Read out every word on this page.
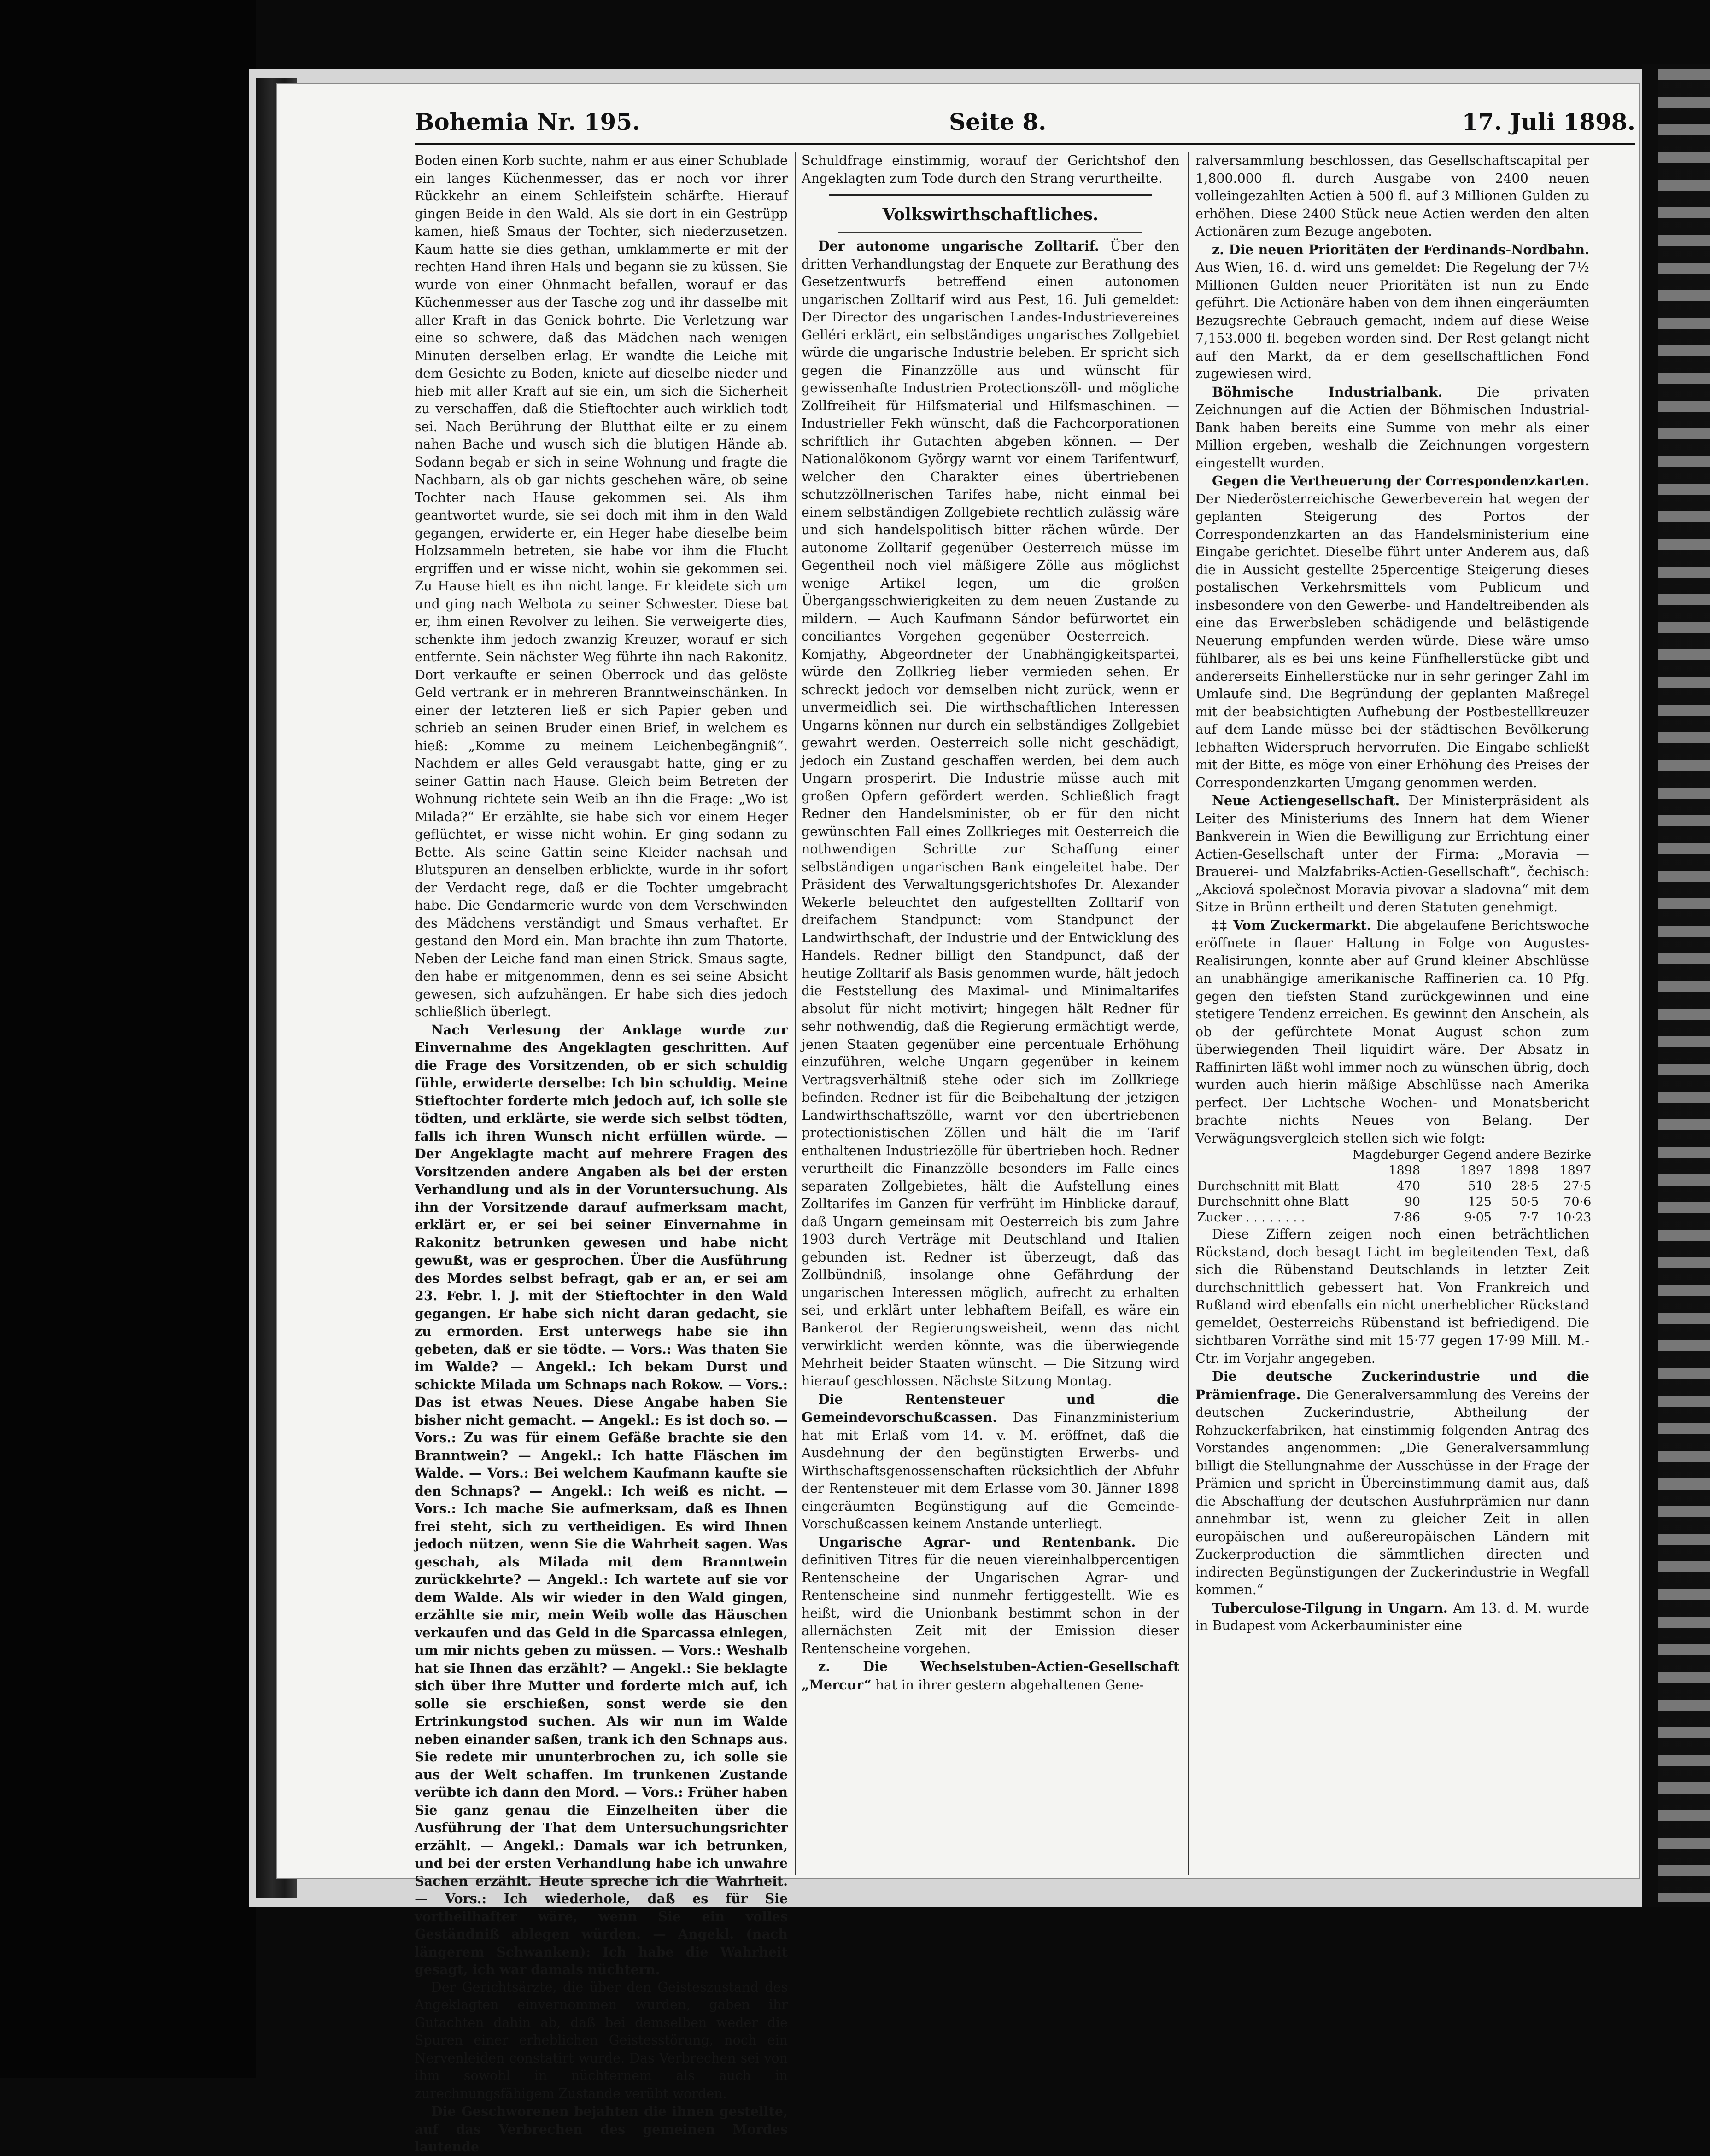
Bohemia Nr. 195.	Seite 8.	17. Juli 1898.

Boden einen Korb suchte, nahm er aus einer Schublade ein langes Küchenmesser, das er noch vor ihrer Rückkehr an einem Schleifstein schärfte. Hierauf gingen Beide in den Wald. Als sie dort in ein Gestrüpp kamen, hieß Smaus der Tochter, sich niederzusetzen. Kaum hatte sie dies gethan, umklammerte er mit der rechten Hand ihren Hals und begann sie zu küssen. Sie wurde von einer Ohnmacht befallen, worauf er das Küchenmesser aus der Tasche zog und ihr dasselbe mit aller Kraft in das Genick bohrte. Die Verletzung war eine so schwere, daß das Mädchen nach wenigen Minuten derselben erlag. Er wandte die Leiche mit dem Gesichte zu Boden, kniete auf dieselbe nieder und hieb mit aller Kraft auf sie ein, um sich die Sicherheit zu verschaffen, daß die Stieftochter auch wirklich todt sei. Nach Berührung der Blutthat eilte er zu einem nahen Bache und wusch sich die blutigen Hände ab. Sodann begab er sich in seine Wohnung und fragte die Nachbarn, als ob gar nichts geschehen wäre, ob seine Tochter nach Hause gekommen sei. Als ihm geantwortet wurde, sie sei doch mit ihm in den Wald gegangen, erwiderte er, ein Heger habe dieselbe beim Holzsammeln betreten, sie habe vor ihm die Flucht ergriffen und er wisse nicht, wohin sie gekommen sei. Zu Hause hielt es ihn nicht lange. Er kleidete sich um und ging nach Welbota zu seiner Schwester. Diese bat er, ihm einen Revolver zu leihen. Sie verweigerte dies, schenkte ihm jedoch zwanzig Kreuzer, worauf er sich entfernte. Sein nächster Weg führte ihn nach Rakonitz. Dort verkaufte er seinen Oberrock und das gelöste Geld vertrank er in mehreren Branntweinschänken. In einer der letzteren ließ er sich Papier geben und schrieb an seinen Bruder einen Brief, in welchem es hieß: „Komme zu meinem Leichenbegängniß“. Nachdem er alles Geld verausgabt hatte, ging er zu seiner Gattin nach Hause. Gleich beim Betreten der Wohnung richtete sein Weib an ihn die Frage: „Wo ist Milada?“ Er erzählte, sie habe sich vor einem Heger geflüchtet, er wisse nicht wohin. Er ging sodann zu Bette. Als seine Gattin seine Kleider nachsah und Blutspuren an denselben erblickte, wurde in ihr sofort der Verdacht rege, daß er die Tochter umgebracht habe. Die Gendarmerie wurde von dem Verschwinden des Mädchens verständigt und Smaus verhaftet. Er gestand den Mord ein. Man brachte ihn zum Thatorte. Neben der Leiche fand man einen Strick. Smaus sagte, den habe er mitgenommen, denn es sei seine Absicht gewesen, sich aufzuhängen. Er habe sich dies jedoch schließlich überlegt.

Nach Verlesung der Anklage wurde zur Einvernahme des Angeklagten geschritten. Auf die Frage des Vorsitzenden, ob er sich schuldig fühle, erwiderte derselbe: Ich bin schuldig. Meine Stieftochter forderte mich jedoch auf, ich solle sie tödten, und erklärte, sie werde sich selbst tödten, falls ich ihren Wunsch nicht erfüllen würde. — Der Angeklagte macht auf mehrere Fragen des Vorsitzenden andere Angaben als bei der ersten Verhandlung und als in der Voruntersuchung. Als ihn der Vorsitzende darauf aufmerksam macht, erklärt er, er sei bei seiner Einvernahme in Rakonitz betrunken gewesen und habe nicht gewußt, was er gesprochen. Über die Ausführung des Mordes selbst befragt, gab er an, er sei am 23. Febr. l. J. mit der Stieftochter in den Wald gegangen. Er habe sich nicht daran gedacht, sie zu ermorden. Erst unterwegs habe sie ihn gebeten, daß er sie tödte. — Vors.: Was thaten Sie im Walde? — Angekl.: Ich bekam Durst und schickte Milada um Schnaps nach Rokow. — Vors.: Das ist etwas Neues. Diese Angabe haben Sie bisher nicht gemacht. — Angekl.: Es ist doch so. — Vors.: Zu was für einem Gefäße brachte sie den Branntwein? — Angekl.: Ich hatte Fläschen im Walde. — Vors.: Bei welchem Kaufmann kaufte sie den Schnaps? — Angekl.: Ich weiß es nicht. — Vors.: Ich mache Sie aufmerksam, daß es Ihnen frei steht, sich zu vertheidigen. Es wird Ihnen jedoch nützen, wenn Sie die Wahrheit sagen. Was geschah, als Milada mit dem Branntwein zurückkehrte? — Angekl.: Ich wartete auf sie vor dem Walde. Als wir wieder in den Wald gingen, erzählte sie mir, mein Weib wolle das Häuschen verkaufen und das Geld in die Sparcassa einlegen, um mir nichts geben zu müssen. — Vors.: Weshalb hat sie Ihnen das erzählt? — Angekl.: Sie beklagte sich über ihre Mutter und forderte mich auf, ich solle sie erschießen, sonst werde sie den Ertrinkungstod suchen. Als wir nun im Walde neben einander saßen, trank ich den Schnaps aus. Sie redete mir ununterbrochen zu, ich solle sie aus der Welt schaffen. Im trunkenen Zustande verübte ich dann den Mord. — Vors.: Früher haben Sie ganz genau die Einzelheiten über die Ausführung der That dem Untersuchungsrichter erzählt. — Angekl.: Damals war ich betrunken, und bei der ersten Verhandlung habe ich unwahre Sachen erzählt. Heute spreche ich die Wahrheit. — Vors.: Ich wiederhole, daß es für Sie vortheilhafter wäre, wenn Sie ein volles Geständniß ablegen würden. — Angekl. (nach längerem Schwanken): Ich habe die Wahrheit gesagt, ich war damals nüchtern.

Der Gerichtsärzte, die über den Geisteszustand des Angeklagten einvernommen wurden, gaben ihr Gutachten dahin ab, daß bei demselben weder die Spuren einer erheblichen Geistesstörung, noch ein Nervenleiden constatirt wurde. Das Verbrechen sei von ihm sowohl in nüchternem als auch in zurechnungsfähigem Zustande verübt worden.

Die Geschworenen bejahten die ihnen gestellte, auf das Verbrechen des gemeinen Mordes lautende

Schuldfrage einstimmig, worauf der Gerichtshof den Angeklagten zum Tode durch den Strang verurtheilte.

Volkswirthschaftliches.

Der autonome ungarische Zolltarif. Über den dritten Verhandlungstag der Enquete zur Berathung des Gesetzentwurfs betreffend einen autonomen ungarischen Zolltarif wird aus Pest, 16. Juli gemeldet: Der Director des ungarischen Landes-Industrievereines Gelléri erklärt, ein selbständiges ungarisches Zollgebiet würde die ungarische Industrie beleben. Er spricht sich gegen die Finanzzölle aus und wünscht für gewissenhafte Industrien Protectionszöll- und mögliche Zollfreiheit für Hilfsmaterial und Hilfsmaschinen. — Industrieller Fekh wünscht, daß die Fachcorporationen schriftlich ihr Gutachten abgeben können. — Der Nationalökonom György warnt vor einem Tarifentwurf, welcher den Charakter eines übertriebenen schutzzöllnerischen Tarifes habe, nicht einmal bei einem selbständigen Zollgebiete rechtlich zulässig wäre und sich handelspolitisch bitter rächen würde. Der autonome Zolltarif gegenüber Oesterreich müsse im Gegentheil noch viel mäßigere Zölle aus möglichst wenige Artikel legen, um die großen Übergangsschwierigkeiten zu dem neuen Zustande zu mildern. — Auch Kaufmann Sándor befürwortet ein conciliantes Vorgehen gegenüber Oesterreich. — Komjathy, Abgeordneter der Unabhängigkeitspartei, würde den Zollkrieg lieber vermieden sehen. Er schreckt jedoch vor demselben nicht zurück, wenn er unvermeidlich sei. Die wirthschaftlichen Interessen Ungarns können nur durch ein selbständiges Zollgebiet gewahrt werden. Oesterreich solle nicht geschädigt, jedoch ein Zustand geschaffen werden, bei dem auch Ungarn prosperirt. Die Industrie müsse auch mit großen Opfern gefördert werden. Schließlich fragt Redner den Handelsminister, ob er für den nicht gewünschten Fall eines Zollkrieges mit Oesterreich die nothwendigen Schritte zur Schaffung einer selbständigen ungarischen Bank eingeleitet habe. Der Präsident des Verwaltungsgerichtshofes Dr. Alexander Wekerle beleuchtet den aufgestellten Zolltarif von dreifachem Standpunct: vom Standpunct der Landwirthschaft, der Industrie und der Entwicklung des Handels. Redner billigt den Standpunct, daß der heutige Zolltarif als Basis genommen wurde, hält jedoch die Feststellung des Maximal- und Minimaltarifes absolut für nicht motivirt; hingegen hält Redner für sehr nothwendig, daß die Regierung ermächtigt werde, jenen Staaten gegenüber eine percentuale Erhöhung einzuführen, welche Ungarn gegenüber in keinem Vertragsverhältniß stehe oder sich im Zollkriege befinden. Redner ist für die Beibehaltung der jetzigen Landwirthschaftszölle, warnt vor den übertriebenen protectionistischen Zöllen und hält die im Tarif enthaltenen Industriezölle für übertrieben hoch. Redner verurtheilt die Finanzzölle besonders im Falle eines separaten Zollgebietes, hält die Aufstellung eines Zolltarifes im Ganzen für verfrüht im Hinblicke darauf, daß Ungarn gemeinsam mit Oesterreich bis zum Jahre 1903 durch Verträge mit Deutschland und Italien gebunden ist. Redner ist überzeugt, daß das Zollbündniß, insolange ohne Gefährdung der ungarischen Interessen möglich, aufrecht zu erhalten sei, und erklärt unter lebhaftem Beifall, es wäre ein Bankerot der Regierungsweisheit, wenn das nicht verwirklicht werden könnte, was die überwiegende Mehrheit beider Staaten wünscht. — Die Sitzung wird hierauf geschlossen. Nächste Sitzung Montag.

Die Rentensteuer und die Gemeindevorschußcassen. Das Finanzministerium hat mit Erlaß vom 14. v. M. eröffnet, daß die Ausdehnung der den begünstigten Erwerbs- und Wirthschaftsgenossenschaften rücksichtlich der Abfuhr der Rentensteuer mit dem Erlasse vom 30. Jänner 1898 eingeräumten Begünstigung auf die Gemeinde-Vorschußcassen keinem Anstande unterliegt.

Ungarische Agrar- und Rentenbank. Die definitiven Titres für die neuen viereinhalbpercentigen Rentenscheine der Ungarischen Agrar- und Rentenscheine sind nunmehr fertiggestellt. Wie es heißt, wird die Unionbank bestimmt schon in der allernächsten Zeit mit der Emission dieser Rentenscheine vorgehen.

z. Die Wechselstuben-Actien-Gesellschaft „Mercur“ hat in ihrer gestern abgehaltenen Gene-

ralversammlung beschlossen, das Gesellschaftscapital per 1,800.000 fl. durch Ausgabe von 2400 neuen volleingezahlten Actien à 500 fl. auf 3 Millionen Gulden zu erhöhen. Diese 2400 Stück neue Actien werden den alten Actionären zum Bezuge angeboten.

z. Die neuen Prioritäten der Ferdinands-Nordbahn. Aus Wien, 16. d. wird uns gemeldet: Die Regelung der 7½ Millionen Gulden neuer Prioritäten ist nun zu Ende geführt. Die Actionäre haben von dem ihnen eingeräumten Bezugsrechte Gebrauch gemacht, indem auf diese Weise 7,153.000 fl. begeben worden sind. Der Rest gelangt nicht auf den Markt, da er dem gesellschaftlichen Fond zugewiesen wird.

Böhmische Industrialbank.	Die privaten Zeichnungen auf die Actien der Böhmischen Industrial-Bank haben bereits eine Summe von mehr als einer Million ergeben, weshalb die Zeichnungen vorgestern eingestellt wurden.

Gegen die Vertheuerung der Correspondenzkarten. Der Niederösterreichische Gewerbeverein hat wegen der geplanten Steigerung des Portos der Correspondenzkarten an das Handelsministerium eine Eingabe gerichtet. Dieselbe führt unter Anderem aus, daß die in Aussicht gestellte 25percentige Steigerung dieses postalischen Verkehrsmittels vom Publicum und insbesondere von den Gewerbe- und Handeltreibenden als eine das Erwerbsleben schädigende und belästigende Neuerung empfunden werden würde. Diese wäre umso fühlbarer, als es bei uns keine Fünfhellerstücke gibt und andererseits Einhellerstücke nur in sehr geringer Zahl im Umlaufe sind. Die Begründung der geplanten Maßregel mit der beabsichtigten Aufhebung der Postbestellkreuzer auf dem Lande müsse bei der städtischen Bevölkerung lebhaften Widerspruch hervorrufen. Die Eingabe schließt mit der Bitte, es möge von einer Erhöhung des Preises der Correspondenzkarten Umgang genommen werden.

Neue Actiengesellschaft. Der Ministerpräsident als Leiter des Ministeriums des Innern hat dem Wiener Bankverein in Wien die Bewilligung zur Errichtung einer Actien-Gesellschaft unter der Firma: „Moravia — Brauerei- und Malzfabriks-Actien-Gesellschaft“, čechisch: „Akciová společnost Moravia pivovar a sladovna“ mit dem Sitze in Brünn ertheilt und deren Statuten genehmigt.

‡‡ Vom Zuckermarkt. Die abgelaufene Berichtswoche eröffnete in flauer Haltung in Folge von Augustes-Realisirungen, konnte aber auf Grund kleiner Abschlüsse an unabhängige amerikanische Raffinerien ca. 10 Pfg. gegen den tiefsten Stand zurückgewinnen und eine stetigere Tendenz erreichen. Es gewinnt den Anschein, als ob der gefürchtete Monat August schon zum überwiegenden Theil liquidirt wäre. Der Absatz in Raffinirten läßt wohl immer noch zu wünschen übrig, doch wurden auch hierin mäßige Abschlüsse nach Amerika perfect. Der Lichtsche Wochen- und Monatsbericht brachte nichts Neues von Belang. Der Verwägungsvergleich stellen sich wie folgt:

	Magdeburger Gegend		andere Bezirke	
	1898	1897	1898	1897
Durchschnitt mit Blatt	470	510	28·5	27·5
Durchschnitt ohne Blatt	90	125	50·5	70·6
Zucker . . . . . . . .	7·86	9·05	7·7	10·23

Diese Ziffern zeigen noch einen beträchtlichen Rückstand, doch besagt Licht im begleitenden Text, daß sich die Rübenstand Deutschlands in letzter Zeit durchschnittlich gebessert hat. Von Frankreich und Rußland wird ebenfalls ein nicht unerheblicher Rückstand gemeldet, Oesterreichs Rübenstand ist befriedigend. Die sichtbaren Vorräthe sind mit 15·77 gegen 17·99 Mill. M.-Ctr. im Vorjahr angegeben.

Die deutsche Zuckerindustrie und die Prämienfrage. Die Generalversammlung des Vereins der deutschen Zuckerindustrie, Abtheilung der Rohzuckerfabriken, hat einstimmig folgenden Antrag des Vorstandes angenommen: „Die Generalversammlung billigt die Stellungnahme der Ausschüsse in der Frage der Prämien und spricht in Übereinstimmung damit aus, daß die Abschaffung der deutschen Ausfuhrprämien nur dann annehmbar ist, wenn zu gleicher Zeit in allen europäischen und außereuropäischen Ländern mit Zuckerproduction die sämmtlichen directen und indirecten Begünstigungen der Zuckerindustrie in Wegfall kommen.“

Tuberculose-Tilgung in Ungarn. Am 13. d. M. wurde in Budapest vom Ackerbauminister eine
